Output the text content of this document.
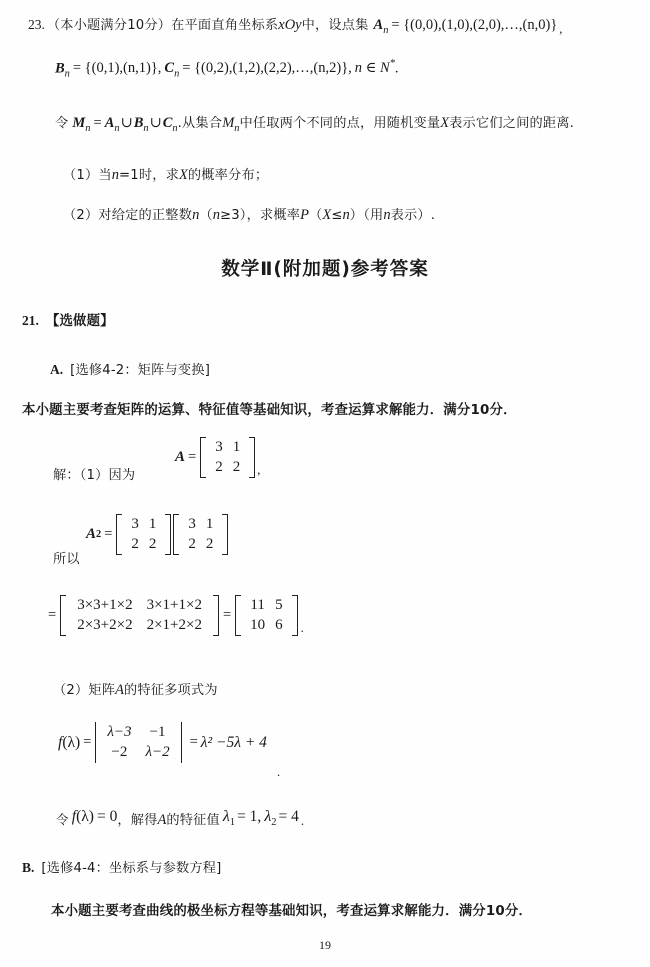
23. （本小题满分10分）在平面直角坐标系xOy中，设点集 $A_n$ = {(0,0),(1,0),(2,0),…,(n,0)} $_,$
$B_n = \{(0,1),(n,1)\}$, $C_n$ = {(0,2),(1,2),(2,2),…,(n,2)}, n ∈ N*.
令 $M_n$ = $A_n\cup B_n\cup C_n$.从集合$M_n$中任取两个不同的点，用随机变量X表示它们之间的距离.
（1）当n=1时，求X的概率分布；
（2）对给定的正整数n（n≥3），求概率P（X≤n）（用n表示）.
数学Ⅱ(附加题)参考答案
21. 【选做题】
A. [选修4‑2：矩阵与变换]
本小题主要考查矩阵的运算、特征值等基础知识，考查运算求解能力．满分10分．
解：（1）因为
A =
3 1
2 2	,
所以
A 2 =
3 1
2 2
3 1
2 2
=
3×3+1×2 3×1+1×2
2×3+2×2 2×1+2×2
=
11 5
10 6	.
（2）矩阵A的特征多项式为
f (λ) =
λ−3	−1
−2	λ−2
= λ² −5λ + 4
.
令 f(λ) = 0，解得A的特征值 $\lambda_1 = 1$, $\lambda_2 = 4$ $_.$
B. [选修4‑4：坐标系与参数方程]
本小题主要考查曲线的极坐标方程等基础知识，考查运算求解能力．满分10分．
19
